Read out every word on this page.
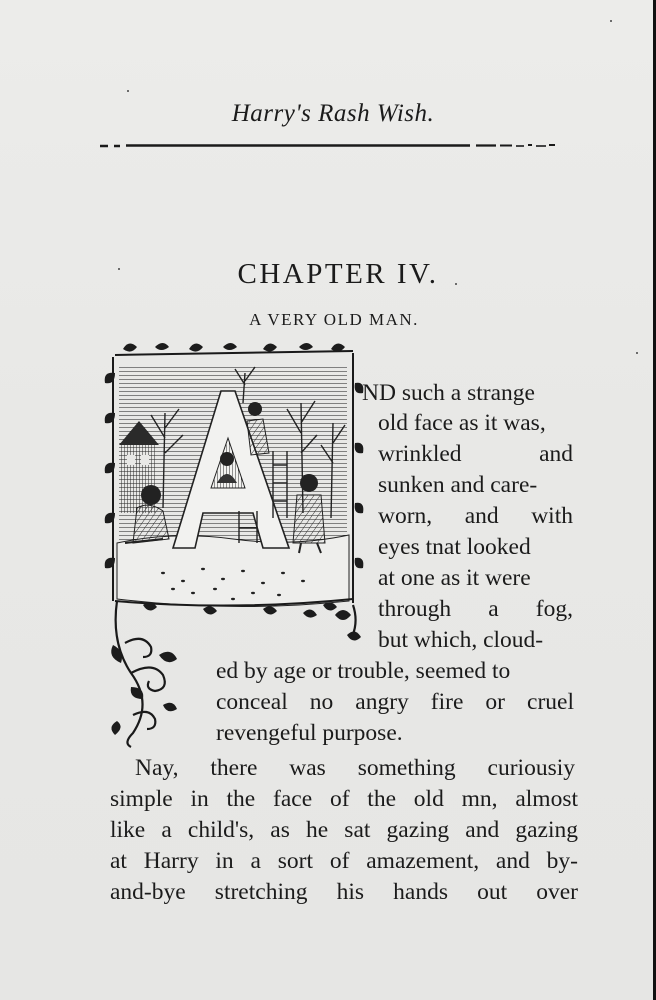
Harry's Rash Wish.
CHAPTER IV.
A VERY OLD MAN.
ND such a strange
old face as it was,
wrinkled and
sunken and care-
worn, and with
eyes tnat looked
at one as it were
through a fog,
but which, cloud-
ed by age or trouble, seemed to
conceal no angry fire or cruel
revengeful purpose.
Nay, there was something curiousiy
simple in the face of the old mn, almost
like a child's, as he sat gazing and gazing
at Harry in a sort of amazement, and by-
and-bye stretching his hands out over
